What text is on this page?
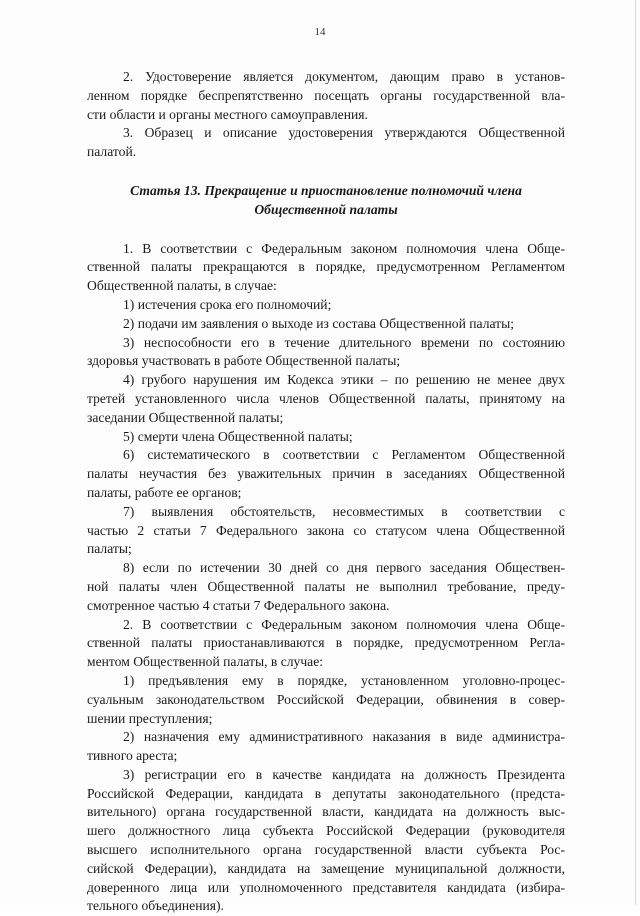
14
2. Удостоверение является документом, дающим право в установ-
ленном порядке беспрепятственно посещать органы государственной вла-
сти области и органы местного самоуправления.
3. Образец и описание удостоверения утверждаются Общественной
палатой.
Статья 13. Прекращение и приостановление полномочий члена
Общественной палаты
1. В соответствии с Федеральным законом полномочия члена Обще-
ственной палаты прекращаются в порядке, предусмотренном Регламентом
Общественной палаты, в случае:
1) истечения срока его полномочий;
2) подачи им заявления о выходе из состава Общественной палаты;
3) неспособности его в течение длительного времени по состоянию
здоровья участвовать в работе Общественной палаты;
4) грубого нарушения им Кодекса этики – по решению не менее двух
третей установленного числа членов Общественной палаты, принятому на
заседании Общественной палаты;
5) смерти члена Общественной палаты;
6) систематического в соответствии с Регламентом Общественной
палаты неучастия без уважительных причин в заседаниях Общественной
палаты, работе ее органов;
7) выявления обстоятельств, несовместимых в соответствии с
частью 2 статьи 7 Федерального закона со статусом члена Общественной
палаты;
8) если по истечении 30 дней со дня первого заседания Обществен-
ной палаты член Общественной палаты не выполнил требование, преду-
смотренное частью 4 статьи 7 Федерального закона.
2. В соответствии с Федеральным законом полномочия члена Обще-
ственной палаты приостанавливаются в порядке, предусмотренном Регла-
ментом Общественной палаты, в случае:
1) предъявления ему в порядке, установленном уголовно-процес-
суальным законодательством Российской Федерации, обвинения в совер-
шении преступления;
2) назначения ему административного наказания в виде администра-
тивного ареста;
3) регистрации его в качестве кандидата на должность Президента
Российской Федерации, кандидата в депутаты законодательного (предста-
вительного) органа государственной власти, кандидата на должность выс-
шего должностного лица субъекта Российской Федерации (руководителя
высшего исполнительного органа государственной власти субъекта Рос-
сийской Федерации), кандидата на замещение муниципальной должности,
доверенного лица или уполномоченного представителя кандидата (избира-
тельного объединения).
